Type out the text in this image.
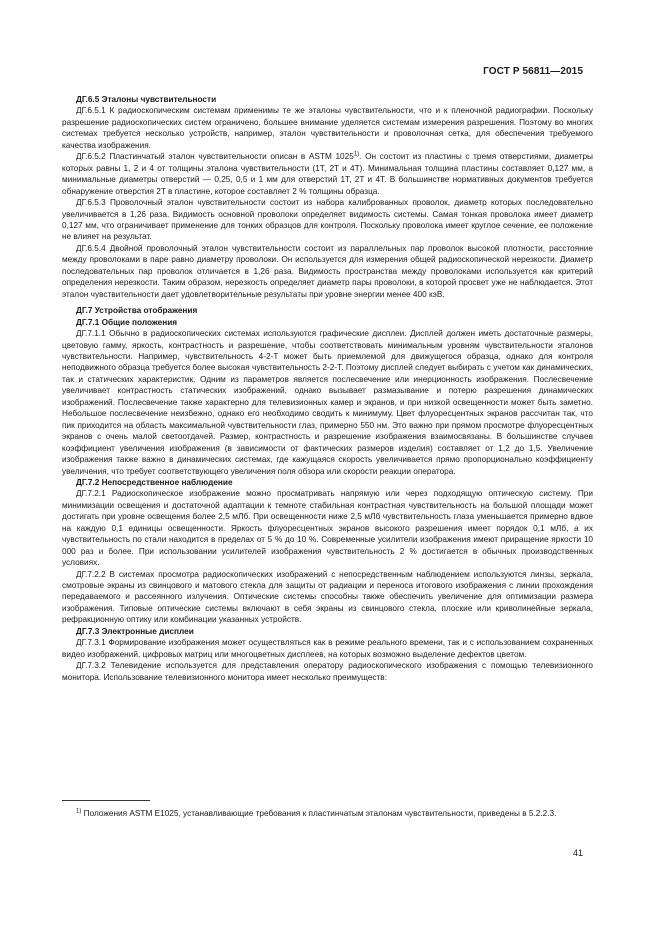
ГОСТ Р 56811—2015
ДГ.6.5 Эталоны чувствительности

ДГ.6.5.1 К радиоскопическим системам применимы те же эталоны чувствительности, что и к пленочной радиографии. Поскольку разрешение радиоскопических систем ограничено, большее внимание уделяется системам измерения разрешения. Поэтому во многих системах требуется несколько устройств, например, эталон чувствительности и проволочная сетка, для обеспечения требуемого качества изображения.

ДГ.6.5.2 Пластинчатый эталон чувствительности описан в ASTM 1025$^{1)}$. Он состоит из пластины с тремя отверстиями, диаметры которых равны 1, 2 и 4 от толщины эталона чувствительности (1T, 2T и 4T). Минимальная толщина пластины составляет 0,127 мм, а минимальные диаметры отверстий — 0,25, 0,5 и 1 мм для отверстий 1T, 2T и 4T. В большинстве нормативных документов требуется обнаружение отверстия 2T в пластине, которое составляет 2 % толщины образца.

ДГ.6.5.3 Проволочный эталон чувствительности состоит из набора калиброванных проволок, диаметр которых последовательно увеличивается в 1,26 раза. Видимость основной проволоки определяет видимость системы. Самая тонкая проволока имеет диаметр 0,127 мм, что ограничивает применение для тонких образцов для контроля. Поскольку проволока имеет круглое сечение, ее положение не влияет на результат.

ДГ.6.5.4 Двойной проволочный эталон чувствительности состоит из параллельных пар проволок высокой плотности, расстояние между проволоками в паре равно диаметру проволоки. Он используется для измерения общей радиоскопической нерезкости. Диаметр последовательных пар проволок отличается в 1,26 раза. Видимость пространства между проволоками используется как критерий определения нерезкости. Таким образом, нерезкость определяет диаметр пары проволоки, в которой просвет уже не наблюдается. Этот эталон чувствительности дает удовлетворительные результаты при уровне энергии менее 400 кэВ.

ДГ.7 Устройства отображения
ДГ.7.1 Общие положения

ДГ.7.1.1 Обычно в радиоскопических системах используются графические дисплеи. Дисплей должен иметь достаточные размеры, цветовую гамму, яркость, контрастность и разрешение, чтобы соответствовать минимальным уровням чувствительности эталонов чувствительности. Например, чувствительность 4-2-T может быть приемлемой для движущегося образца, однако для контроля неподвижного образца требуется более высокая чувствительность 2-2-T. Поэтому дисплей следует выбирать с учетом как динамических, так и статических характеристик. Одним из параметров является послесвечение или инерционность изображения. Послесвечение увеличивает контрастность статических изображений, однако вызывает размазывание и потерю разрешения динамических изображений. Послесвечение также характерно для телевизионных камер и экранов, и при низкой освещенности может быть заметно. Небольшое послесвечение неизбежно, однако его необходимо сводить к минимуму. Цвет флуоресцентных экранов рассчитан так, что пик приходится на область максимальной чувствительности глаз, примерно 550 нм. Это важно при прямом просмотре флуоресцентных экранов с очень малой светоотдачей. Размер, контрастность и разрешение изображения взаимосвязаны. В большинстве случаев коэффициент увеличения изображения (в зависимости от фактических размеров изделия) составляет от 1,2 до 1,5. Увеличение изображения также важно в динамических системах, где кажущаяся скорость увеличивается прямо пропорционально коэффициенту увеличения, что требует соответствующего увеличения поля обзора или скорости реакции оператора.

ДГ.7.2 Непосредственное наблюдение

ДГ.7.2.1 Радиоскопическое изображение можно просматривать напрямую или через подходящую оптическую систему. При минимизации освещения и достаточной адаптации к темноте стабильная контрастная чувствительность на большой площади может достигать при уровне освещения более 2,5 мЛб. При освещенности ниже 2,5 мЛб чувствительность глаза уменьшается примерно вдвое на каждую 0,1 единицы освещенности. Яркость флуоресцентных экранов высокого разрешения имеет порядок 0,1 мЛб, а их чувствительность по стали находится в пределах от 5 % до 10 %. Современные усилители изображения имеют приращение яркости 10 000 раз и более. При использовании усилителей изображения чувствительность 2 % достигается в обычных производственных условиях.

ДГ.7.2.2 В системах просмотра радиоскопических изображений с непосредственным наблюдением используются линзы, зеркала, смотровые экраны из свинцового и матового стекла для защиты от радиации и переноса итогового изображения с линии прохождения передаваемого и рассеянного излучения. Оптические системы способны также обеспечить увеличение для оптимизации размера изображения. Типовые оптические системы включают в себя экраны из свинцового стекла, плоские или криволинейные зеркала, рефракционную оптику или комбинации указанных устройств.

ДГ.7.3 Электронные дисплеи

ДГ.7.3.1 Формирование изображения может осуществляться как в режиме реального времени, так и с использованием сохраненных видео изображений, цифровых матриц или многоцветных дисплеев, на которых возможно выделение дефектов цветом.

ДГ.7.3.2 Телевидение используется для представления оператору радиоскопического изображения с помощью телевизионного монитора. Использование телевизионного монитора имеет несколько преимуществ:

$^{1)}$ Положения ASTM E1025, устанавливающие требования к пластинчатым эталонам чувствительности, приведены в 5.2.2.3.
41
